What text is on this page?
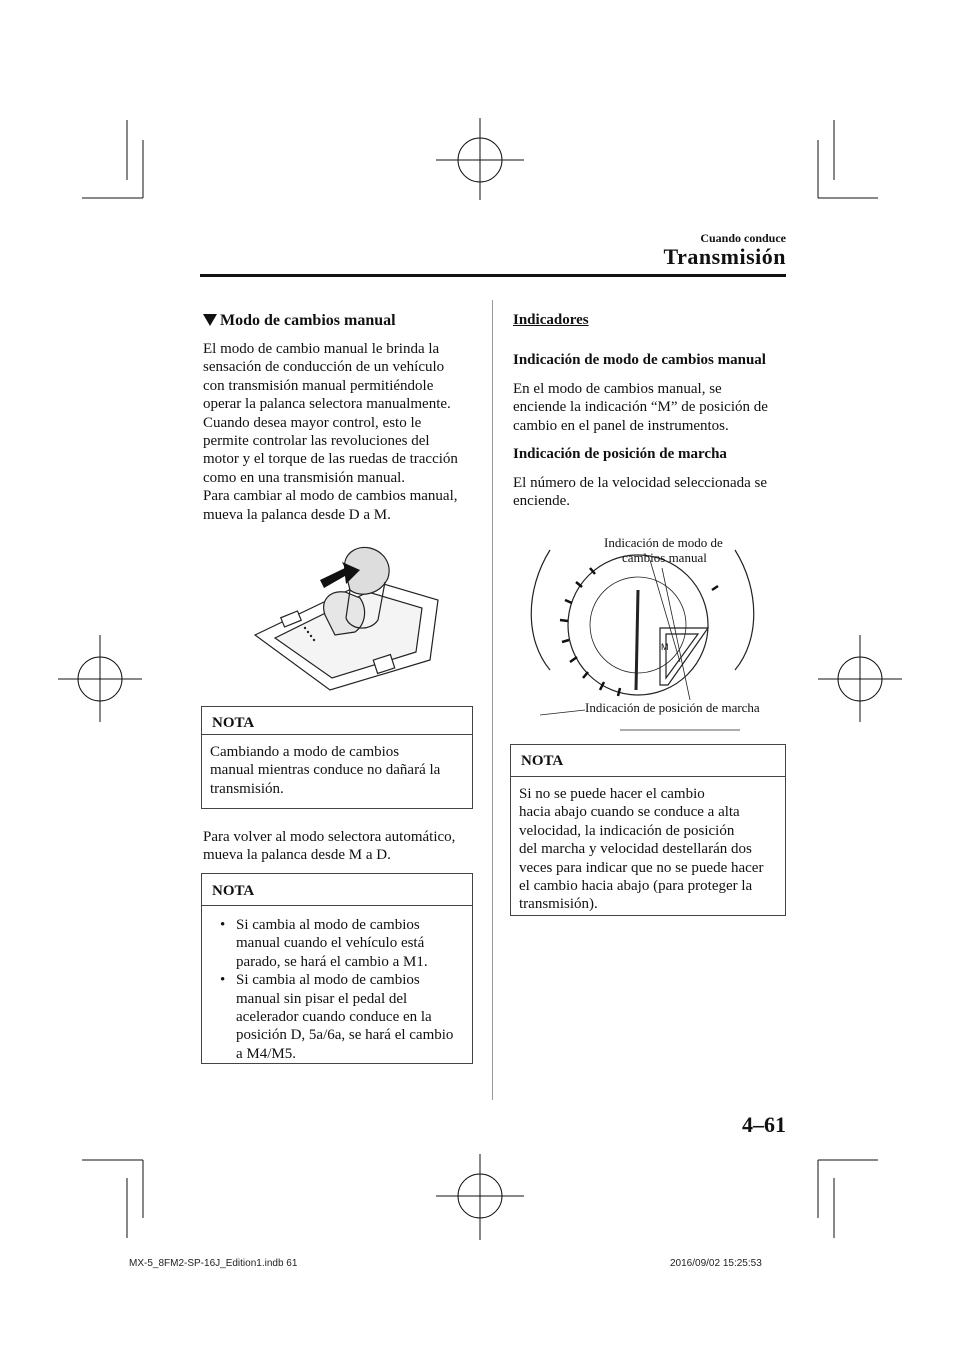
Cuando conduce
Transmisión
Modo de cambios manual
El modo de cambio manual le brinda la
sensación de conducción de un vehículo
con transmisión manual permitiéndole
operar la palanca selectora manualmente.
Cuando desea mayor control, esto le
permite controlar las revoluciones del
motor y el torque de las ruedas de tracción
como en una transmisión manual.
Para cambiar al modo de cambios manual,
mueva la palanca desde D a M.
NOTA
Cambiando a modo de cambios
manual mientras conduce no dañará la
transmisión.
Para volver al modo selectora automático,
mueva la palanca desde M a D.
NOTA
• Si cambia al modo de cambios
manual cuando el vehículo está
parado, se hará el cambio a M1.
• Si cambia al modo de cambios
manual sin pisar el pedal del
acelerador cuando conduce en la
posición D, 5a/6a, se hará el cambio
a M4/M5.
Indicadores
Indicación de modo de cambios manual
En el modo de cambios manual, se
enciende la indicación “M” de posición de
cambio en el panel de instrumentos.
Indicación de posición de marcha
El número de la velocidad seleccionada se
enciende.
M
Indicación de modo de
cambios manual
Indicación de posición de marcha
NOTA
Si no se puede hacer el cambio
hacia abajo cuando se conduce a alta
velocidad, la indicación de posición
del marcha y velocidad destellarán dos
veces para indicar que no se puede hacer
el cambio hacia abajo (para proteger la
transmisión).
4–61
MX-5_8FM2-SP-16J_Edition1.indb 61	2016/09/02 15:25:53
